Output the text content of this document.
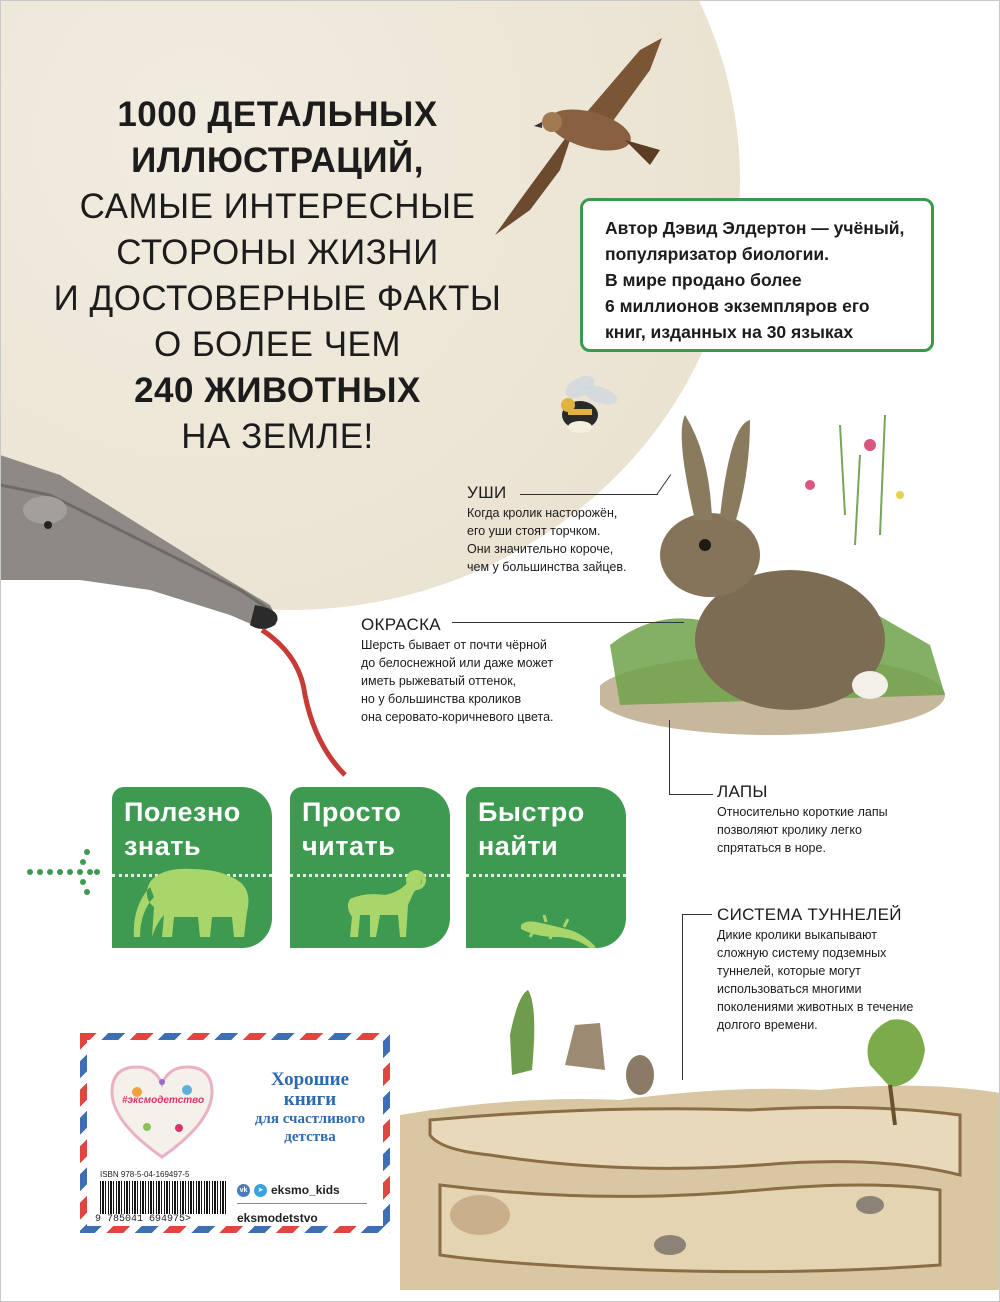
1000 ДЕТАЛЬНЫХ
ИЛЛЮСТРАЦИЙ,
САМЫЕ ИНТЕРЕСНЫЕ
СТОРОНЫ ЖИЗНИ
И ДОСТОВЕРНЫЕ ФАКТЫ
О БОЛЕЕ ЧЕМ
240 ЖИВОТНЫХ
НА ЗЕМЛЕ!
Автор Дэвид Элдертон — учёный,
популяризатор биологии.
В мире продано более
6 миллионов экземпляров его
книг, изданных на 30 языках
УШИ
Когда кролик насторожён,
его уши стоят торчком.
Они значительно короче,
чем у большинства зайцев.
ОКРАСКА
Шерсть бывает от почти чёрной
до белоснежной или даже может
иметь рыжеватый оттенок,
но у большинства кроликов
она серовато-коричневого цвета.
ЛАПЫ
Относительно короткие лапы
позволяют кролику легко
спрятаться в норе.
СИСТЕМА ТУННЕЛЕЙ
Дикие кролики выкапывают
сложную систему подземных
туннелей, которые могут
использоваться многими
поколениями животных в течение
долгого времени.
Полезно
знать
Просто
читать
Быстро
найти
#эксмодетство
Хорошие
книги
для счастливого
детства
ISBN 978-5-04-169497-5
9 785041 694975>
vk	➤ eksmo_kids
eksmodetstvo
